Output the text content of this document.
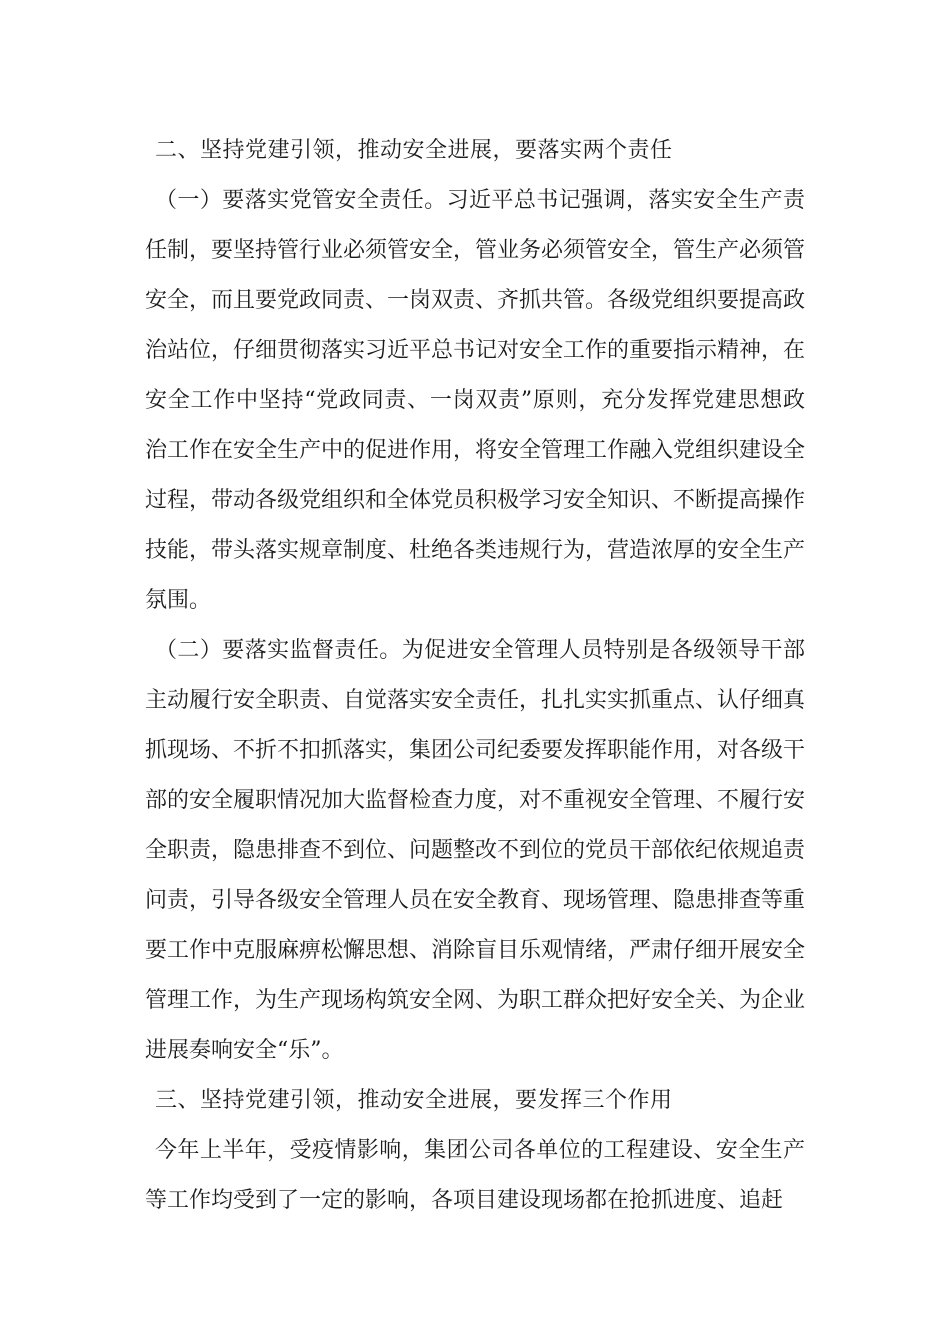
二、坚持党建引领，推动安全进展，要落实两个责任

（一）要落实党管安全责任。习近平总书记强调，落实安全生产责任制，要坚持管行业必须管安全，管业务必须管安全，管生产必须管安全，而且要党政同责、一岗双责、齐抓共管。各级党组织要提高政治站位，仔细贯彻落实习近平总书记对安全工作的重要指示精神，在安全工作中坚持“党政同责、一岗双责”原则，充分发挥党建思想政治工作在安全生产中的促进作用，将安全管理工作融入党组织建设全过程，带动各级党组织和全体党员积极学习安全知识、不断提高操作技能，带头落实规章制度、杜绝各类违规行为，营造浓厚的安全生产氛围。

（二）要落实监督责任。为促进安全管理人员特别是各级领导干部主动履行安全职责、自觉落实安全责任，扎扎实实抓重点、认仔细真抓现场、不折不扣抓落实，集团公司纪委要发挥职能作用，对各级干部的安全履职情况加大监督检查力度，对不重视安全管理、不履行安全职责，隐患排查不到位、问题整改不到位的党员干部依纪依规追责问责，引导各级安全管理人员在安全教育、现场管理、隐患排查等重要工作中克服麻痹松懈思想、消除盲目乐观情绪，严肃仔细开展安全管理工作，为生产现场构筑安全网、为职工群众把好安全关、为企业进展奏响安全“乐”。

三、坚持党建引领，推动安全进展，要发挥三个作用

今年上半年，受疫情影响，集团公司各单位的工程建设、安全生产等工作均受到了一定的影响，各项目建设现场都在抢抓进度、追赶
